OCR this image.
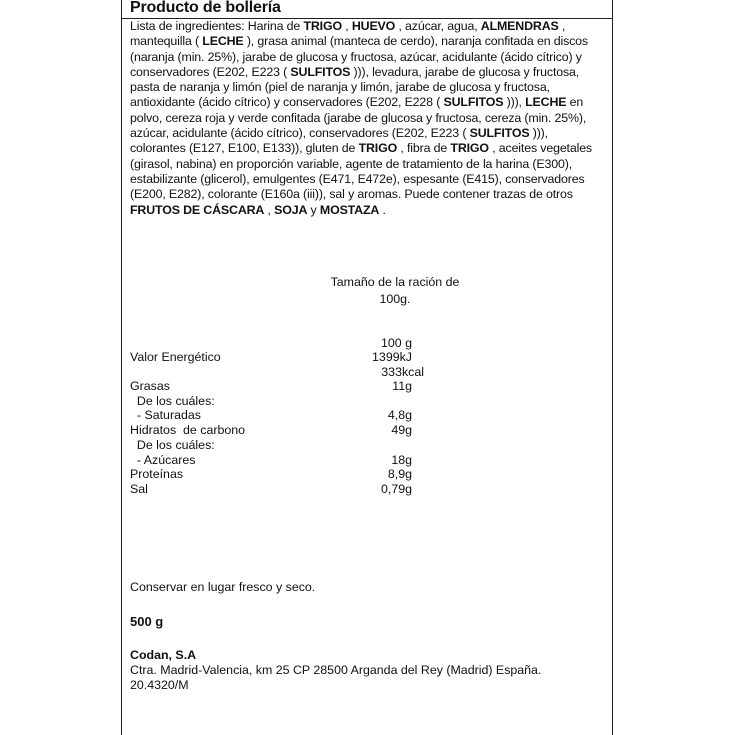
Producto de bollería
Lista de ingredientes: Harina de TRIGO , HUEVO , azúcar, agua, ALMENDRAS , mantequilla ( LECHE ), grasa animal (manteca de cerdo), naranja confitada en discos (naranja (min. 25%), jarabe de glucosa y fructosa, azúcar, acidulante (ácido cítrico) y conservadores (E202, E223 ( SULFITOS ))), levadura, jarabe de glucosa y fructosa, pasta de naranja y limón (piel de naranja y limón, jarabe de glucosa y fructosa, antioxidante (ácido cítrico) y conservadores (E202, E228 ( SULFITOS ))), LECHE en polvo, cereza roja y verde confitada (jarabe de glucosa y fructosa, cereza (min. 25%), azúcar, acidulante (ácido cítrico), conservadores (E202, E223 ( SULFITOS ))), colorantes (E127, E100, E133)), gluten de TRIGO , fibra de TRIGO , aceites vegetales (girasol, nabina) en proporción variable, agente de tratamiento de la harina (E300), estabilizante (glicerol), emulgentes (E471, E472e), espesante (E415), conservadores (E200, E282), colorante (E160a (iii)), sal y aromas. Puede contener trazas de otros FRUTOS DE CÁSCARA , SOJA y MOSTAZA .
Tamaño de la ración de
100g.
100 g
Valor Energético	1399kJ
333kcal
Grasas	11g
De los cuáles:
- Saturadas	4,8g
Hidratos  de carbono	49g
De los cuáles:
- Azúcares	18g
Proteínas	8,9g
Sal	0,79g
Conservar en lugar fresco y seco.
500 g
Codan, S.A
Ctra. Madrid-Valencia, km 25 CP 28500 Arganda del Rey (Madrid) España.
20.4320/M
